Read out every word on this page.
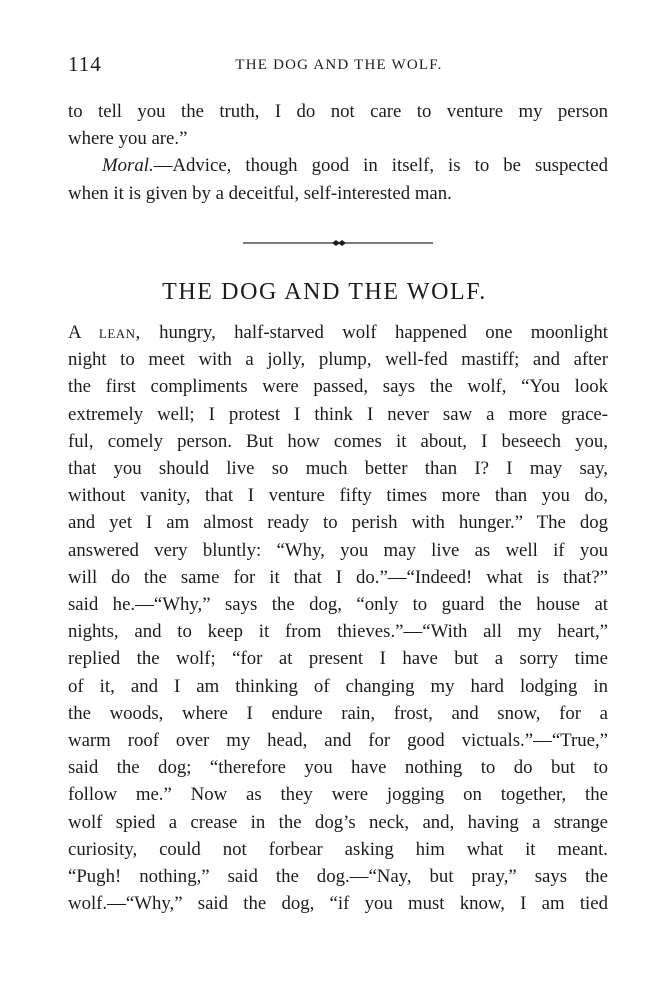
114	THE DOG AND THE WOLF.
to tell you the truth, I do not care to venture my person
where you are.”
Moral.—Advice, though good in itself, is to be suspected
when it is given by a deceitful, self-interested man.
THE DOG AND THE WOLF.
A lean, hungry, half-starved wolf happened one moonlight
night to meet with a jolly, plump, well-fed mastiff; and after
the first compliments were passed, says the wolf, “You look
extremely well; I protest I think I never saw a more grace-
ful, comely person. But how comes it about, I beseech you,
that you should live so much better than I? I may say,
without vanity, that I venture fifty times more than you do,
and yet I am almost ready to perish with hunger.” The dog
answered very bluntly: “Why, you may live as well if you
will do the same for it that I do.”—“Indeed! what is that?”
said he.—“Why,” says the dog, “only to guard the house at
nights, and to keep it from thieves.”—“With all my heart,”
replied the wolf; “for at present I have but a sorry time
of it, and I am thinking of changing my hard lodging in
the woods, where I endure rain, frost, and snow, for a
warm roof over my head, and for good victuals.”—“True,”
said the dog; “therefore you have nothing to do but to
follow me.” Now as they were jogging on together, the
wolf spied a crease in the dog’s neck, and, having a strange
curiosity, could not forbear asking him what it meant.
“Pugh! nothing,” said the dog.—“Nay, but pray,” says the
wolf.—“Why,” said the dog, “if you must know, I am tied
